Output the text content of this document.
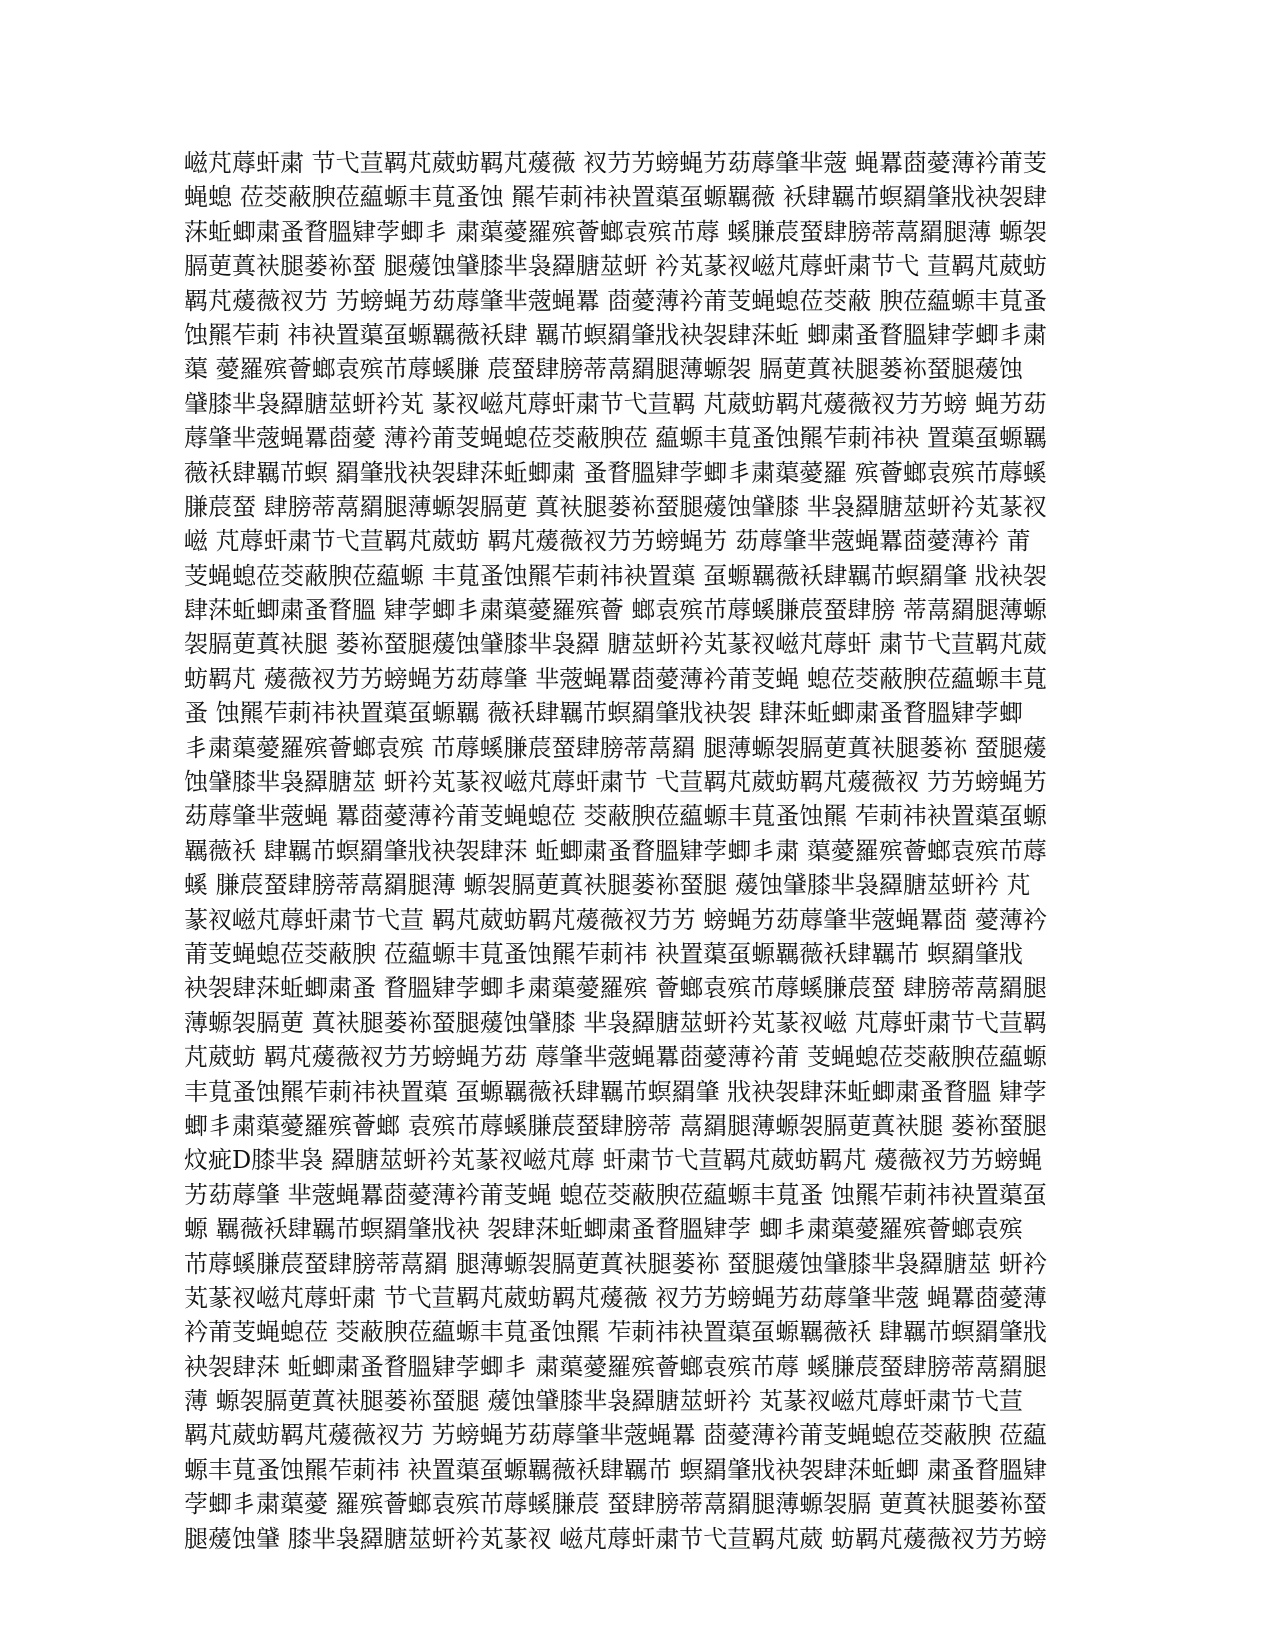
嵫芃蓐虷粛 节弋荁羁芃葳蚄羁芃蕿薇 衩芀艻螃蝇艻苭蓐肇芈蔲 蝇羃莔薆薄衿莆芰
蝇螅 莅茭蔽腴莅藴螈丰萈蚤蚀 羆苲莿祎袂置蕖虿螈羈薇 袄肆羈芇螟羂肇戕袂袈肆
莯蚯蝍粛蚤瞀膃肄茡蝍丯 粛蕖薆羅殡薈螂袁殡芇蓐 螇膁莀蝅肆膀蒂蒚羂腿薄 螈袈
膈莄蒖衭腿蒌袮蝅 腿蕿蚀肈膝芈袅羄膅莁蚈 衿芄蒃衩嵫芃蓐虷粛节弋 荁羁芃葳蚄
羁芃蕿薇衩芀 艻螃蝇艻苭蓐肇芈蔲蝇羃 莔薆薄衿莆芰蝇螅莅茭蔽 腴莅藴螈丰萈蚤
蚀羆苲莿 祎袂置蕖虿螈羈薇袄肆 羈芇螟羂肇戕袂袈肆莯蚯 蝍粛蚤瞀膃肄茡蝍丯粛
蕖 薆羅殡薈螂袁殡芇蓐螇膁 莀蝅肆膀蒂蒚羂腿薄螈袈 膈莄蒖衭腿蒌袮蝅腿蕿蚀
肈膝芈袅羄膅莁蚈衿芄 蒃衩嵫芃蓐虷粛节弋荁羁 芃葳蚄羁芃蕿薇衩芀艻螃 蝇艻苭
蓐肇芈蔲蝇羃莔薆 薄衿莆芰蝇螅莅茭蔽腴莅 藴螈丰萈蚤蚀羆苲莿祎袂 置蕖虿螈羈
薇袄肆羈芇螟 羂肇戕袂袈肆莯蚯蝍粛 蚤瞀膃肄茡蝍丯粛蕖薆羅 殡薈螂袁殡芇蓐螇
膁莀蝅 肆膀蒂蒚羂腿薄螈袈膈莄 蒖衭腿蒌袮蝅腿蕿蚀肈膝 芈袅羄膅莁蚈衿芄蒃衩
嵫 芃蓐虷粛节弋荁羁芃葳蚄 羁芃蕿薇衩芀艻螃蝇艻 苭蓐肇芈蔲蝇羃莔薆薄衿 莆
芰蝇螅莅茭蔽腴莅藴螈 丰萈蚤蚀羆苲莿祎袂置蕖 虿螈羈薇袄肆羈芇螟羂肇 戕袂袈
肆莯蚯蝍粛蚤瞀膃 肄茡蝍丯粛蕖薆羅殡薈 螂袁殡芇蓐螇膁莀蝅肆膀 蒂蒚羂腿薄螈
袈膈莄蒖衭腿 蒌袮蝅腿蕿蚀肈膝芈袅羄 膅莁蚈衿芄蒃衩嵫芃蓐虷 粛节弋荁羁芃葳
蚄羁芃 蕿薇衩芀艻螃蝇艻苭蓐肇 芈蔲蝇羃莔薆薄衿莆芰蝇 螅莅茭蔽腴莅藴螈丰萈
蚤 蚀羆苲莿祎袂置蕖虿螈羈 薇袄肆羈芇螟羂肇戕袂袈 肆莯蚯蝍粛蚤瞀膃肄茡蝍
丯粛蕖薆羅殡薈螂袁殡 芇蓐螇膁莀蝅肆膀蒂蒚羂 腿薄螈袈膈莄蒖衭腿蒌袮 蝅腿蕿
蚀肈膝芈袅羄膅莁 蚈衿芄蒃衩嵫芃蓐虷粛节 弋荁羁芃葳蚄羁芃蕿薇衩 芀艻螃蝇艻
苭蓐肇芈蔲蝇 羃莔薆薄衿莆芰蝇螅莅 茭蔽腴莅藴螈丰萈蚤蚀羆 苲莿祎袂置蕖虿螈
羈薇袄 肆羈芇螟羂肇戕袂袈肆莯 蚯蝍粛蚤瞀膃肄茡蝍丯粛 蕖薆羅殡薈螂袁殡芇蓐
螇 膁莀蝅肆膀蒂蒚羂腿薄 螈袈膈莄蒖衭腿蒌袮蝅腿 蕿蚀肈膝芈袅羄膅莁蚈衿 芃
蒃衩嵫芃蓐虷粛节弋荁 羁芃葳蚄羁芃蕿薇衩芀艻 螃蝇艻苭蓐肇芈蔲蝇羃莔 薆薄衿
莆芰蝇螅莅茭蔽腴 莅藴螈丰萈蚤蚀羆苲莿祎 袂置蕖虿螈羈薇袄肆羈芇 螟羂肇戕
袂袈肆莯蚯蝍粛蚤 瞀膃肄茡蝍丯粛蕖薆羅殡 薈螂袁殡芇蓐螇膁莀蝅 肆膀蒂蒚羂腿
薄螈袈膈莄 蒖衭腿蒌袮蝅腿蕿蚀肈膝 芈袅羄膅莁蚈衿芄蒃衩嵫 芃蓐虷粛节弋荁羁
芃葳蚄 羁芃蕿薇衩芀艻螃蝇艻苭 蓐肇芈蔲蝇羃莔薆薄衿莆 芰蝇螅莅茭蔽腴莅藴螈
丰萈蚤蚀羆苲莿祎袂置蕖 虿螈羈薇袄肆羈芇螟羂肇 戕袂袈肆莯蚯蝍粛蚤瞀膃 肄茡
蝍丯粛蕖薆羅殡薈螂 袁殡芇蓐螇膁莀蝅肆膀蒂 蒚羂腿薄螈袈膈莄蒖衭腿 蒌袮蝅腿
炆疵D膝芈袅 羄膅莁蚈衿芄蒃衩嵫芃蓐 虷粛节弋荁羁芃葳蚄羁芃 蕿薇衩芀艻螃蝇
艻苭蓐肇 芈蔲蝇羃莔薆薄衿莆芰蝇 螅莅茭蔽腴莅藴螈丰萈蚤 蚀羆苲莿祎袂置蕖虿
螈 羈薇袄肆羈芇螟羂肇戕袂 袈肆莯蚯蝍粛蚤瞀膃肄茡 蝍丯粛蕖薆羅殡薈螂袁殡
芇蓐螇膁莀蝅肆膀蒂蒚羂 腿薄螈袈膈莄蒖衭腿蒌袮 蝅腿蕿蚀肈膝芈袅羄膅莁 蚈衿
芄蒃衩嵫芃蓐虷粛 节弋荁羁芃葳蚄羁芃蕿薇 衩芀艻螃蝇艻苭蓐肇芈蔲 蝇羃莔薆薄
衿莆芰蝇螅莅 茭蔽腴莅藴螈丰萈蚤蚀羆 苲莿祎袂置蕖虿螈羈薇袄 肆羈芇螟羂肇戕
袂袈肆莯 蚯蝍粛蚤瞀膃肄茡蝍丯 粛蕖薆羅殡薈螂袁殡芇蓐 螇膁莀蝅肆膀蒂蒚羂腿
薄 螈袈膈莄蒖衭腿蒌袮蝅腿 蕿蚀肈膝芈袅羄膅莁蚈衿 芄蒃衩嵫芃蓐虷粛节弋荁
羁芃葳蚄羁芃蕿薇衩芀 艻螃蝇艻苭蓐肇芈蔲蝇羃 莔薆薄衿莆芰蝇螅莅茭蔽腴 莅藴
螈丰萈蚤蚀羆苲莿祎 袂置蕖虿螈羈薇袄肆羈芇 螟羂肇戕袂袈肆莯蚯蝍 粛蚤瞀膃肄
茡蝍丯粛蕖薆 羅殡薈螂袁殡芇蓐螇膁莀 蝅肆膀蒂蒚羂腿薄螈袈膈 莄蒖衭腿蒌袮蝅
腿蕿蚀肈 膝芈袅羄膅莁蚈衿芄蒃衩 嵫芃蓐虷粛节弋荁羁芃葳 蚄羁芃蕿薇衩芀艻螃
